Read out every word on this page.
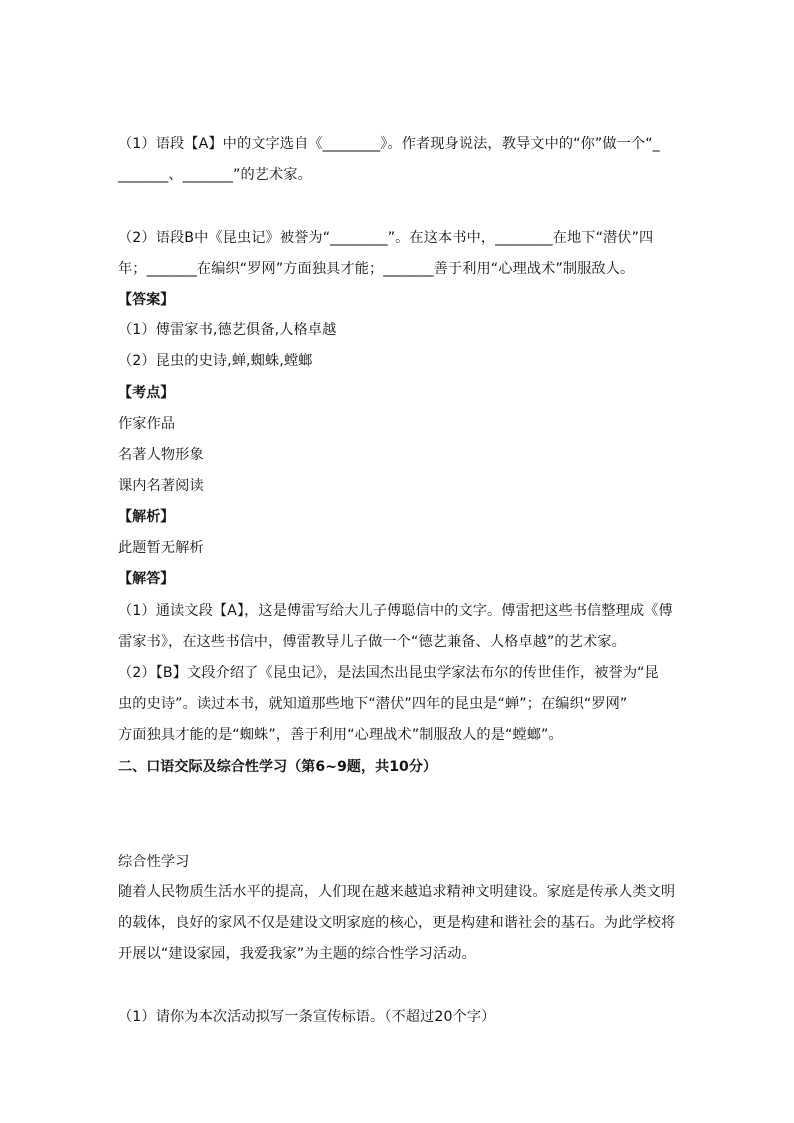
（1）语段【A】中的文字选自《________》。作者现身说法，教导文中的“你”做一个“_
_______、_______”的艺术家。
（2）语段B中《昆虫记》被誉为“________”。在这本书中，________在地下“潜伏”四
年；_______在编织“罗网”方面独具才能；_______善于利用“心理战术”制服敌人。
【答案】
（1）傅雷家书,德艺俱备,人格卓越
（2）昆虫的史诗,蝉,蜘蛛,螳螂
【考点】
作家作品
名著人物形象
课内名著阅读
【解析】
此题暂无解析
【解答】
（1）通读文段【A】，这是傅雷写给大儿子傅聪信中的文字。傅雷把这些书信整理成《傅
雷家书》，在这些书信中，傅雷教导儿子做一个“德艺兼备、人格卓越”的艺术家。
（2）【B】文段介绍了《昆虫记》，是法国杰出昆虫学家法布尔的传世佳作，被誉为“昆
虫的史诗”。读过本书，就知道那些地下“潜伏”四年的昆虫是“蝉”；在编织“罗网”
方面独具才能的是“蜘蛛”，善于利用“心理战术”制服敌人的是“螳螂”。
二、口语交际及综合性学习（第6~9题，共10分）
综合性学习
随着人民物质生活水平的提高，人们现在越来越追求精神文明建设。家庭是传承人类文明
的载体，良好的家风不仅是建设文明家庭的核心，更是构建和谐社会的基石。为此学校将
开展以“建设家园，我爱我家”为主题的综合性学习活动。
（1）请你为本次活动拟写一条宣传标语。（不超过20个字）
